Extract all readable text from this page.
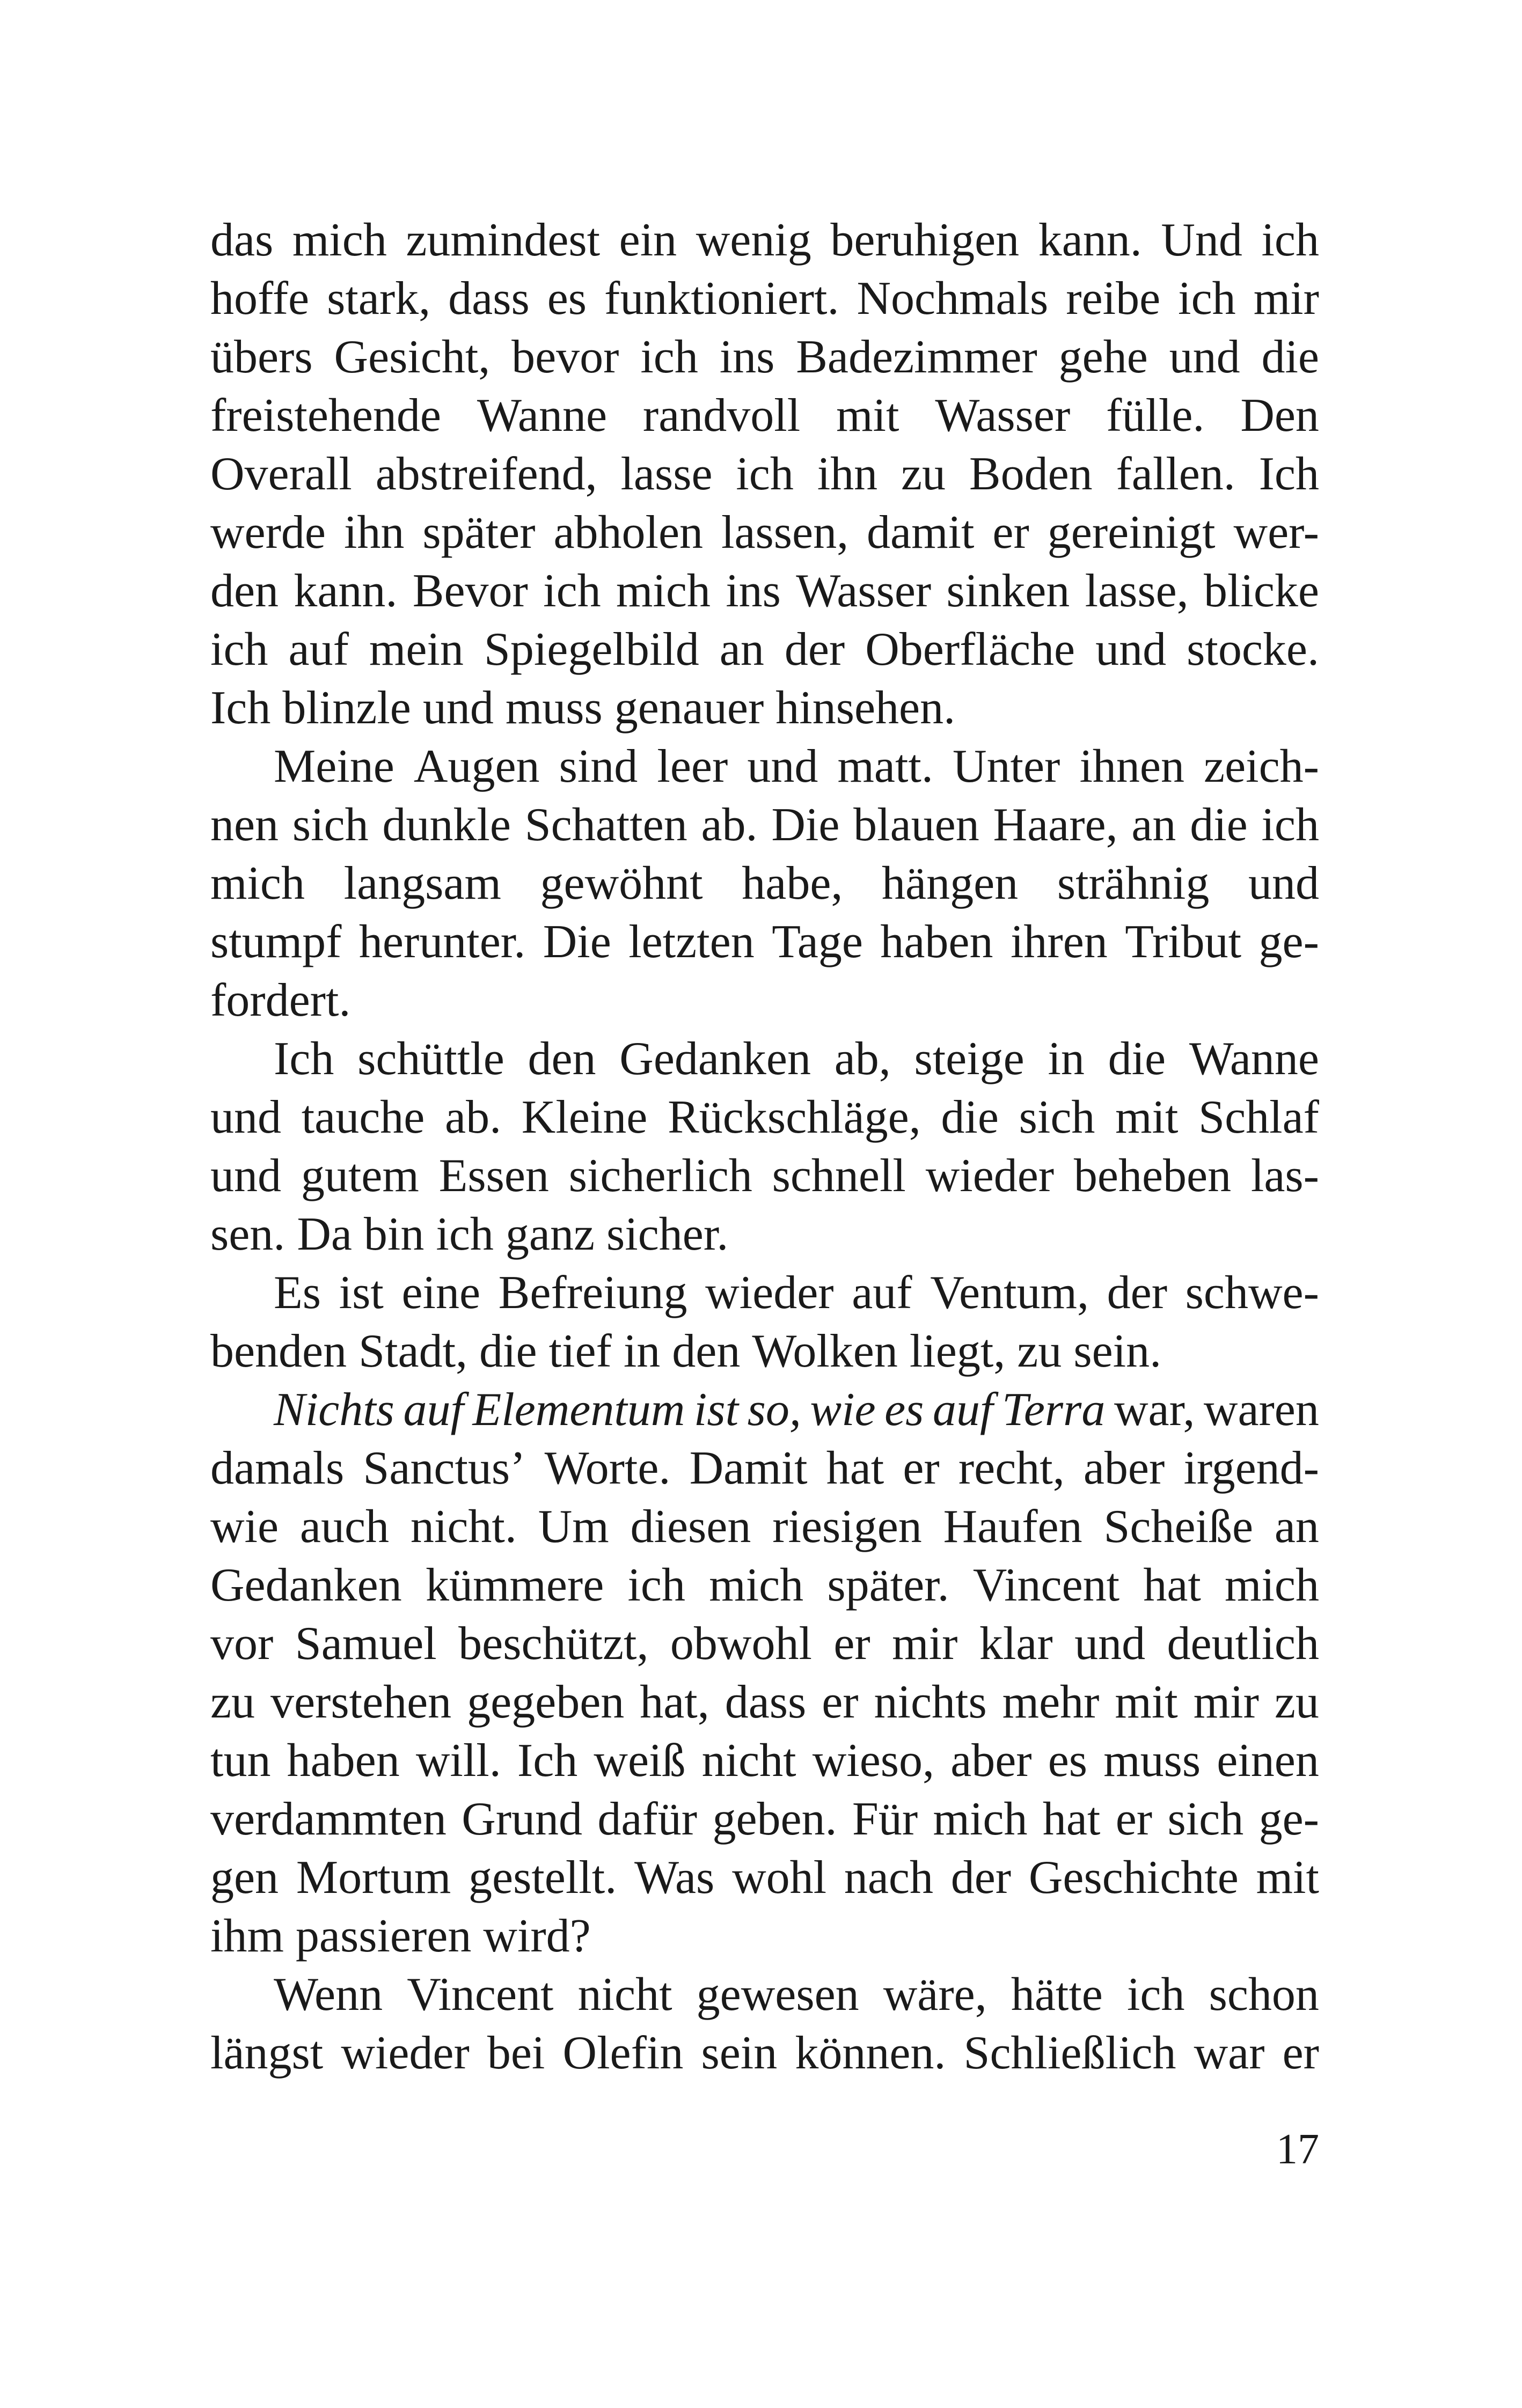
das mich zumindest ein wenig beruhigen kann. Und ich
hoffe stark, dass es funktioniert. Nochmals reibe ich mir
übers Gesicht, bevor ich ins Badezimmer gehe und die
freistehende Wanne randvoll mit Wasser fülle. Den
Overall abstreifend, lasse ich ihn zu Boden fallen. Ich
werde ihn später abholen lassen, damit er gereinigt wer-
den kann. Bevor ich mich ins Wasser sinken lasse, blicke
ich auf mein Spiegelbild an der Oberfläche und stocke.
Ich blinzle und muss genauer hinsehen.
Meine Augen sind leer und matt. Unter ihnen zeich-
nen sich dunkle Schatten ab. Die blauen Haare, an die ich
mich langsam gewöhnt habe, hängen strähnig und
stumpf herunter. Die letzten Tage haben ihren Tribut ge-
fordert.
Ich schüttle den Gedanken ab, steige in die Wanne
und tauche ab. Kleine Rückschläge, die sich mit Schlaf
und gutem Essen sicherlich schnell wieder beheben las-
sen. Da bin ich ganz sicher.
Es ist eine Befreiung wieder auf Ventum, der schwe-
benden Stadt, die tief in den Wolken liegt, zu sein.
Nichts auf Elementum ist so, wie es auf Terra war, waren
damals Sanctus’ Worte. Damit hat er recht, aber irgend-
wie auch nicht. Um diesen riesigen Haufen Scheiße an
Gedanken kümmere ich mich später. Vincent hat mich
vor Samuel beschützt, obwohl er mir klar und deutlich
zu verstehen gegeben hat, dass er nichts mehr mit mir zu
tun haben will. Ich weiß nicht wieso, aber es muss einen
verdammten Grund dafür geben. Für mich hat er sich ge-
gen Mortum gestellt. Was wohl nach der Geschichte mit
ihm passieren wird?
Wenn Vincent nicht gewesen wäre, hätte ich schon
längst wieder bei Olefin sein können. Schließlich war er
17
